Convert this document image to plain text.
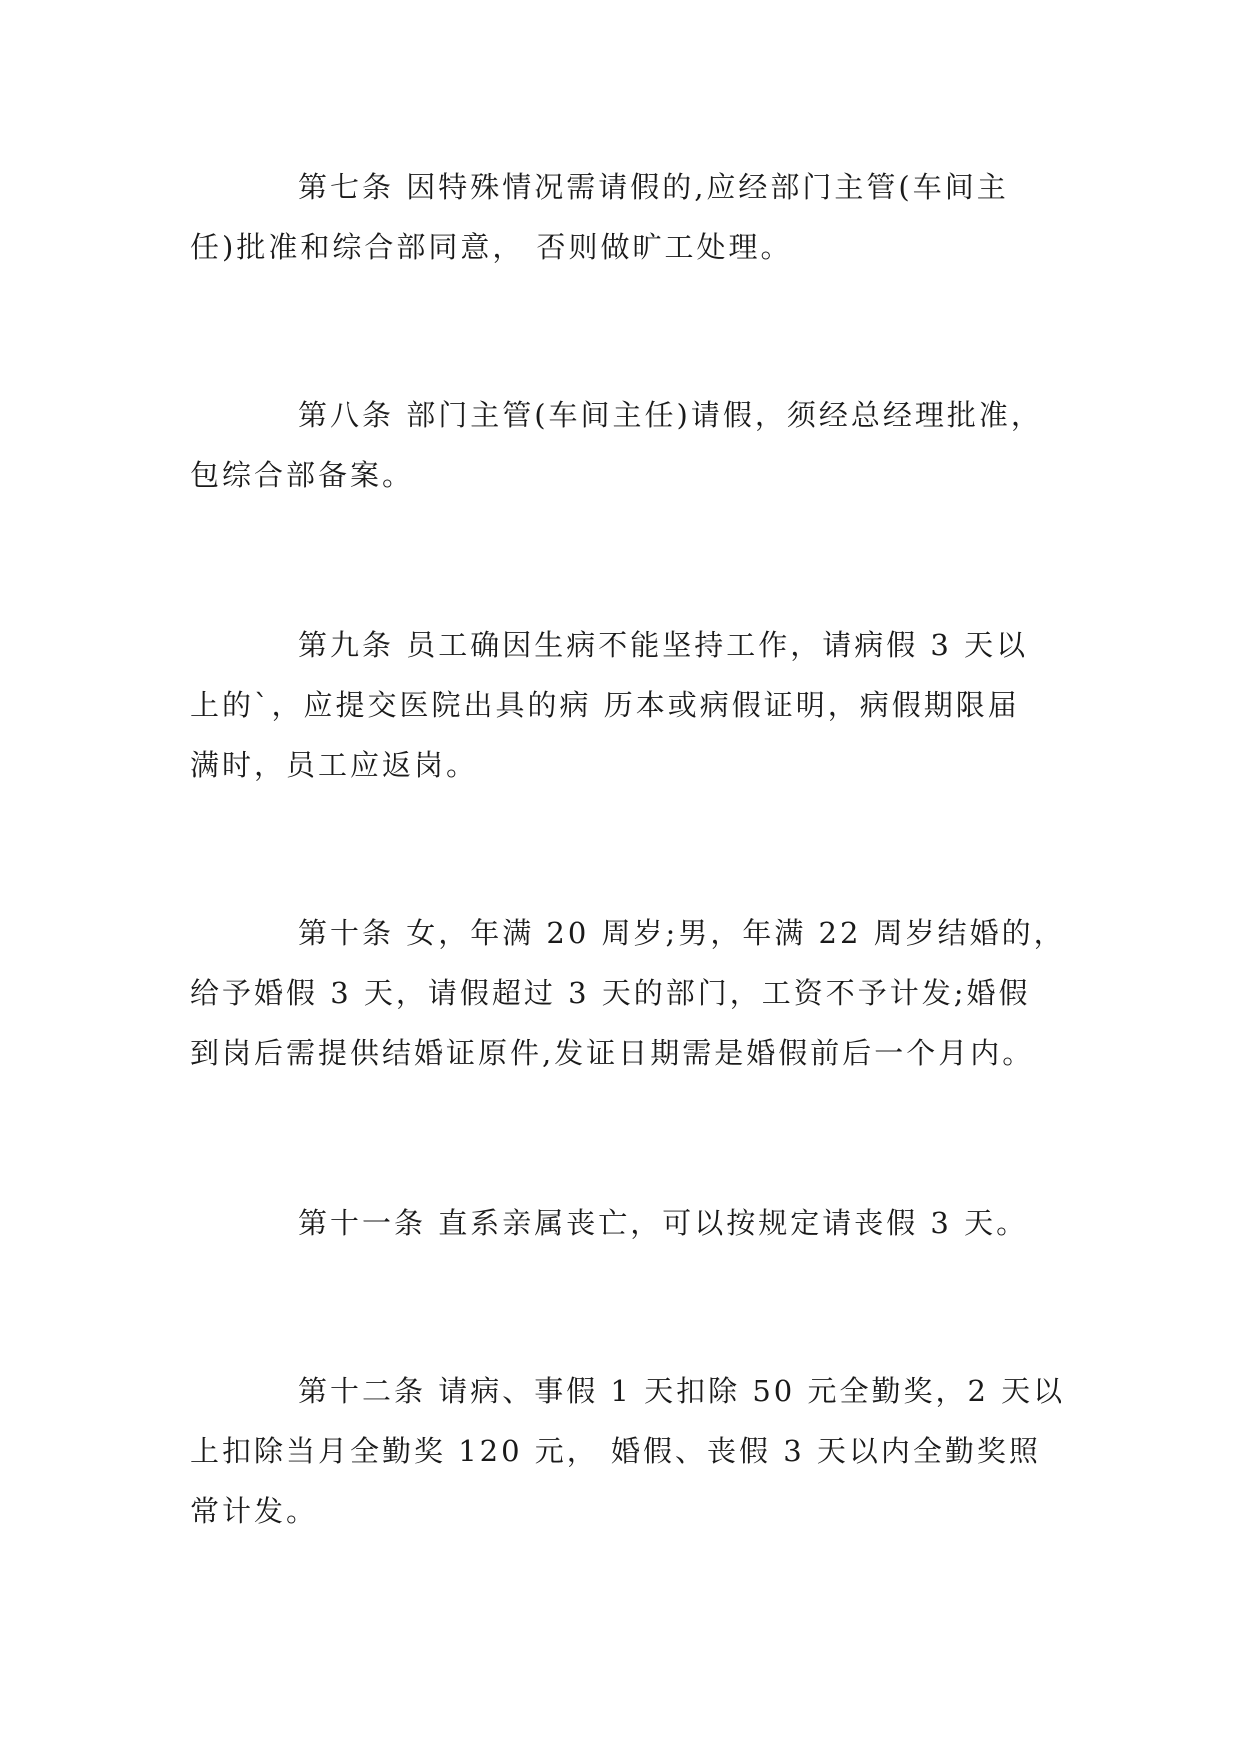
第七条 因特殊情况需请假的,应经部门主管(车间主

任)批准和综合部同意， 否则做旷工处理。

第八条 部门主管(车间主任)请假，须经总经理批准，

包综合部备案。

第九条 员工确因生病不能坚持工作，请病假 3 天以

上的`，应提交医院出具的病 历本或病假证明，病假期限届

满时，员工应返岗。

第十条 女，年满 20 周岁;男，年满 22 周岁结婚的，

给予婚假 3 天，请假超过 3 天的部门，工资不予计发;婚假

到岗后需提供结婚证原件,发证日期需是婚假前后一个月内。

第十一条 直系亲属丧亡，可以按规定请丧假 3 天。

第十二条 请病、事假 1 天扣除 50 元全勤奖，2 天以

上扣除当月全勤奖 120 元， 婚假、丧假 3 天以内全勤奖照

常计发。
